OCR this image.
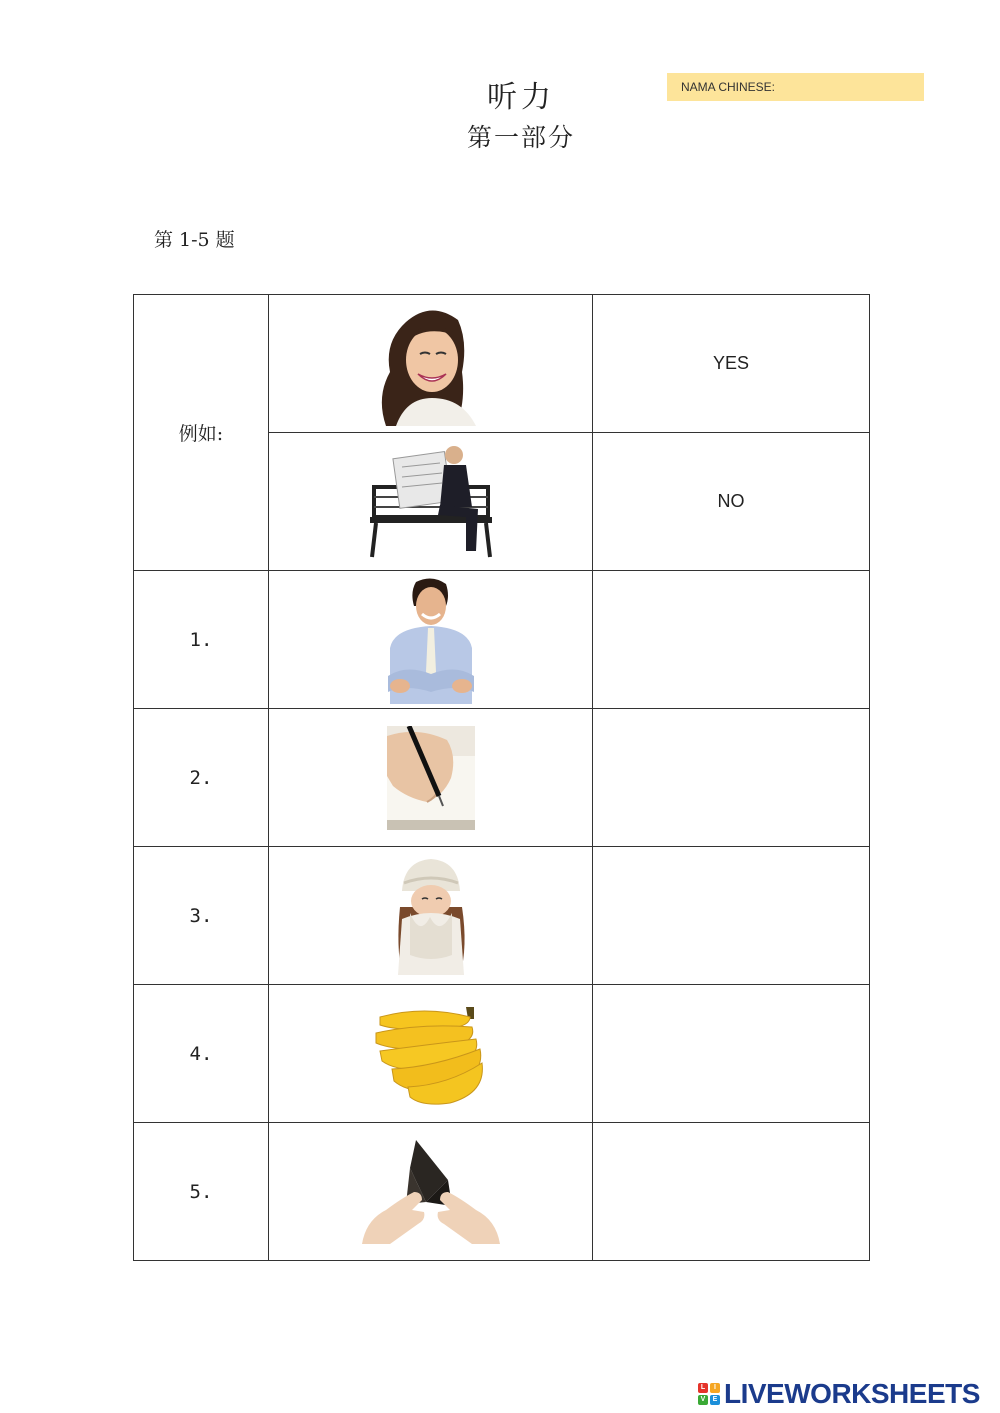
听力
第一部分
NAMA CHINESE:
第 1-5 题
例如:		YES

	NO
1.	

2.	

3.	

4.	

5.	

L	I
V	E LIVEWORKSHEETS
